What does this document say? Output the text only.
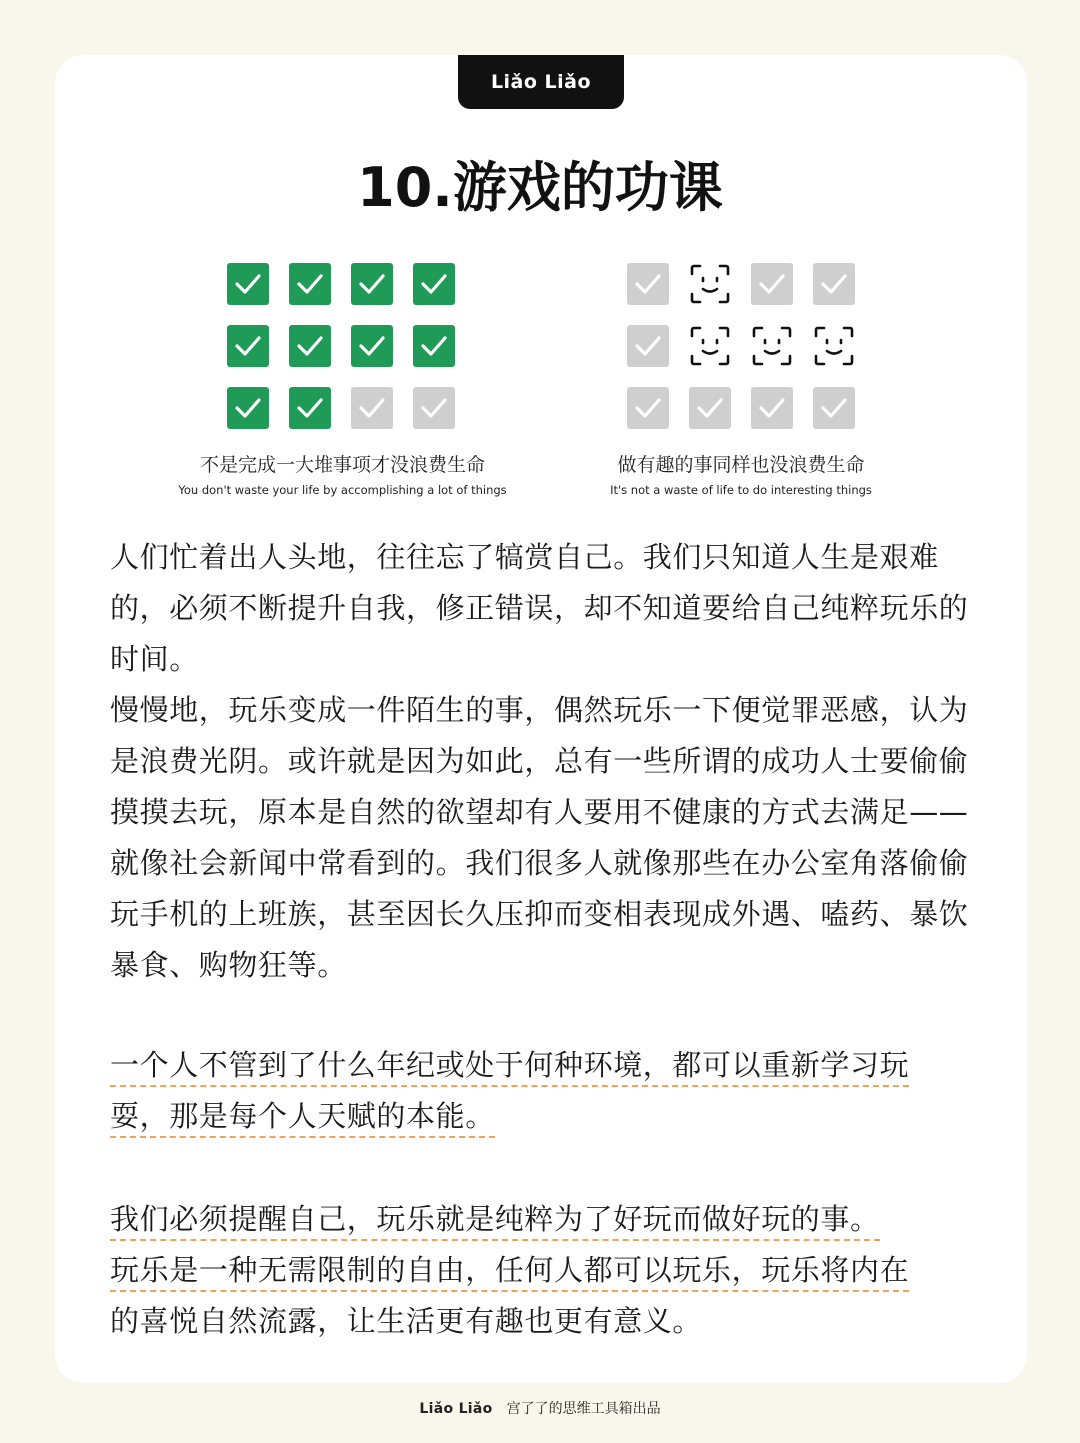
Liǎo Liǎo
10.游戏的功课
不是完成一大堆事项才没浪费生命
You don't waste your life by accomplishing a lot of things
做有趣的事同样也没浪费生命
It's not a waste of life to do interesting things
人们忙着出人头地，往往忘了犒赏自己。我们只知道人生是艰难的，必须不断提升自我，修正错误，却不知道要给自己纯粹玩乐的时间。
慢慢地，玩乐变成一件陌生的事，偶然玩乐一下便觉罪恶感，认为是浪费光阴。或许就是因为如此，总有一些所谓的成功人士要偷偷摸摸去玩，原本是自然的欲望却有人要用不健康的方式去满足——就像社会新闻中常看到的。我们很多人就像那些在办公室角落偷偷玩手机的上班族，甚至因长久压抑而变相表现成外遇、嗑药、暴饮暴食、购物狂等。
一个人不管到了什么年纪或处于何种环境，都可以重新学习玩
耍，那是每个人天赋的本能。
我们必须提醒自己，玩乐就是纯粹为了好玩而做好玩的事。
玩乐是一种无需限制的自由，任何人都可以玩乐，玩乐将内在
的喜悦自然流露，让生活更有趣也更有意义。
Liǎo Liǎo 宫了了的思维工具箱出品
